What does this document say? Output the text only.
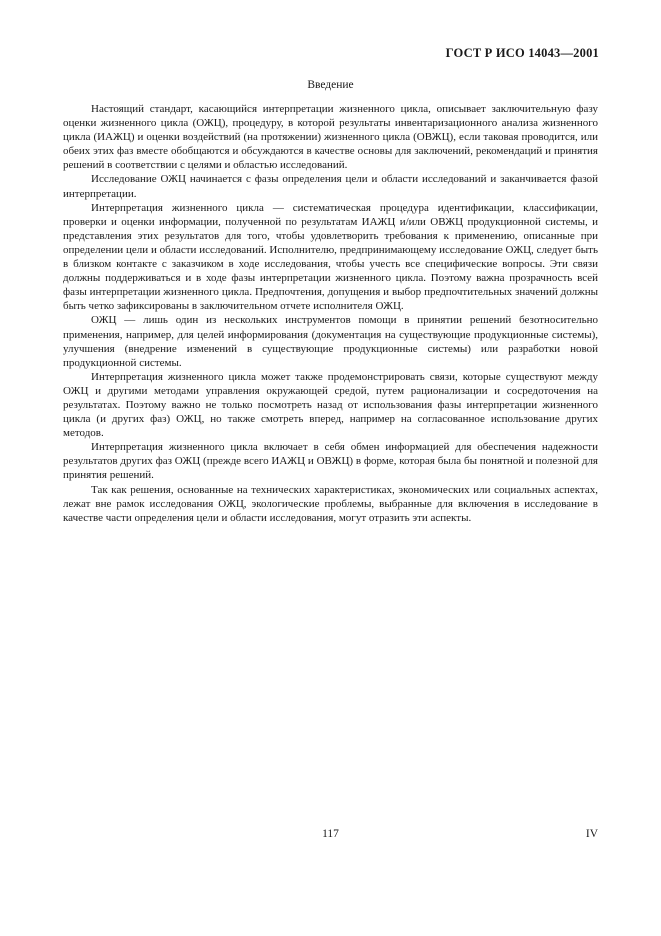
ГОСТ Р ИСО 14043—2001
Введение

Настоящий стандарт, касающийся интерпретации жизненного цикла, описывает заключительную фазу оценки жизненного цикла (ОЖЦ), процедуру, в которой результаты инвентаризационного анализа жизненного цикла (ИАЖЦ) и оценки воздействий (на протяжении) жизненного цикла (ОВЖЦ), если таковая проводится, или обеих этих фаз вместе обобщаются и обсуждаются в качестве основы для заключений, рекомендаций и принятия решений в соответствии с целями и областью исследований.

Исследование ОЖЦ начинается с фазы определения цели и области исследований и заканчивается фазой интерпретации.

Интерпретация жизненного цикла — систематическая процедура идентификации, классификации, проверки и оценки информации, полученной по результатам ИАЖЦ и/или ОВЖЦ продукционной системы, и представления этих результатов для того, чтобы удовлетворить требования к применению, описанные при определении цели и области исследований. Исполнителю, предпринимающему исследование ОЖЦ, следует быть в близком контакте с заказчиком в ходе исследования, чтобы учесть все специфические вопросы. Эти связи должны поддерживаться и в ходе фазы интерпретации жизненного цикла. Поэтому важна прозрачность всей фазы интерпретации жизненного цикла. Предпочтения, допущения и выбор предпочтительных значений должны быть четко зафиксированы в заключительном отчете исполнителя ОЖЦ.

ОЖЦ — лишь один из нескольких инструментов помощи в принятии решений безотносительно применения, например, для целей информирования (документация на существующие продукционные системы), улучшения (внедрение изменений в существующие продукционные системы) или разработки новой продукционной системы.

Интерпретация жизненного цикла может также продемонстрировать связи, которые существуют между ОЖЦ и другими методами управления окружающей средой, путем рационализации и сосредоточения на результатах. Поэтому важно не только посмотреть назад от использования фазы интерпретации жизненного цикла (и других фаз) ОЖЦ, но также смотреть вперед, например на согласованное использование других методов.

Интерпретация жизненного цикла включает в себя обмен информацией для обеспечения надежности результатов других фаз ОЖЦ (прежде всего ИАЖЦ и ОВЖЦ) в форме, которая была бы понятной и полезной для принятия решений.

Так как решения, основанные на технических характеристиках, экономических или социальных аспектах, лежат вне рамок исследования ОЖЦ, экологические проблемы, выбранные для включения в исследование в качестве части определения цели и области исследования, могут отразить эти аспекты.

117	IV
